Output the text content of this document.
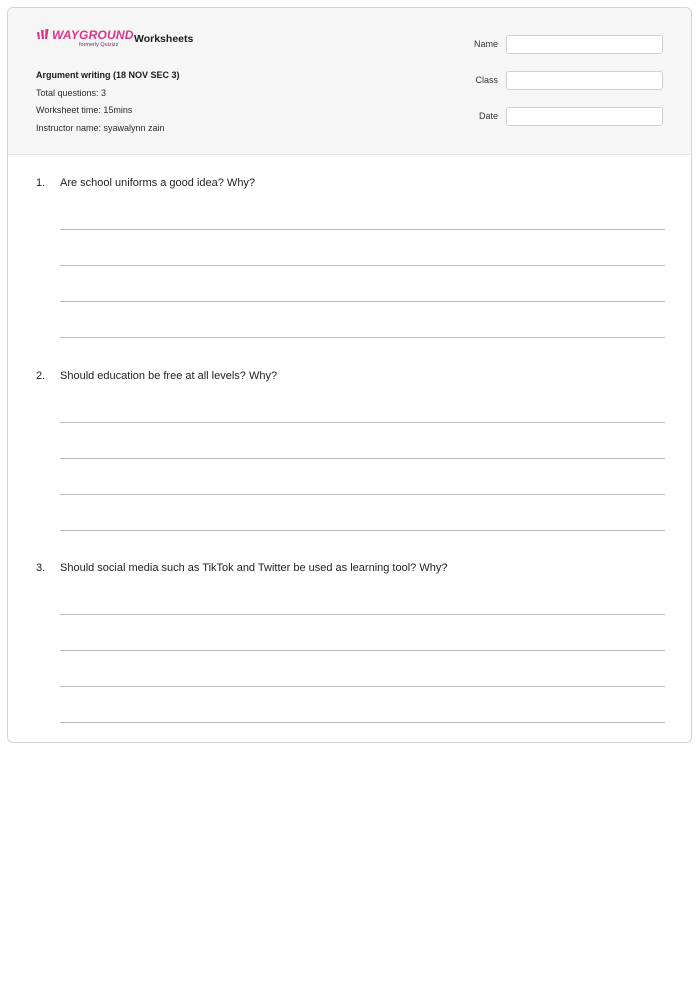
WAYGROUND
formerly Quizizz Worksheets
Argument writing (18 NOV SEC 3)
Total questions: 3
Worksheet time: 15mins
Instructor name: syawalynn zain
Name
Class
Date
1.	Are school uniforms a good idea? Why?
2.	Should education be free at all levels? Why?
3.	Should social media such as TikTok and Twitter be used as learning tool? Why?
